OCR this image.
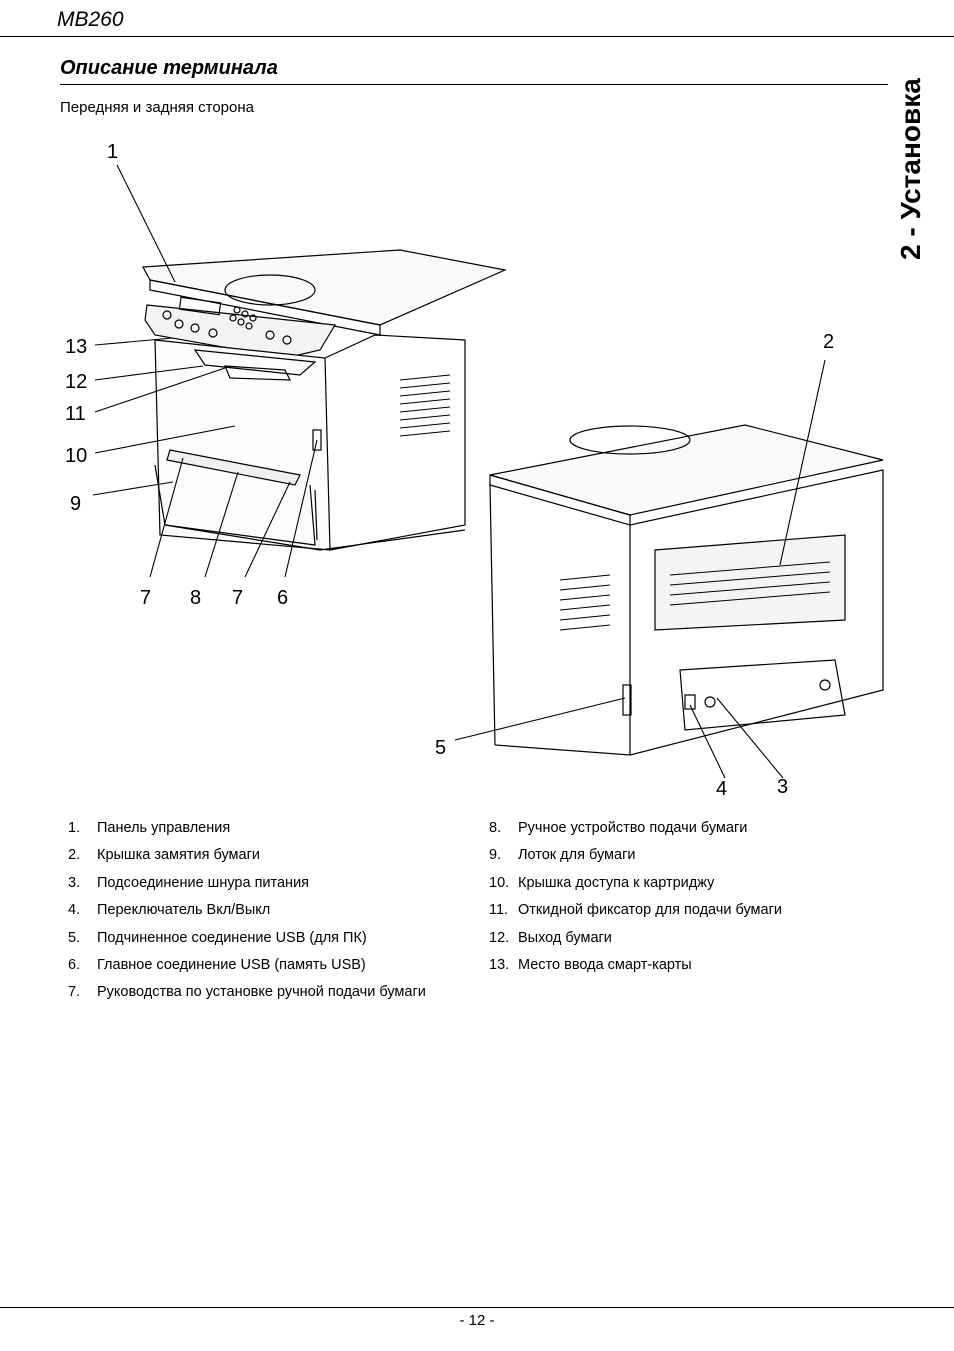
MB260
Описание терминала
2 - Установка
Передняя и задняя сторона
1
13
12
11
10
9
7 8 7 6
2
5
4 3
1.	Панель управления
2.	Крышка замятия бумаги
3.	Подсоединение шнура питания
4.	Переключатель Вкл/Выкл
5.	Подчиненное соединение USB (для ПК)
6.	Главное соединение USB (память USB)
7.	Руководства по установке ручной подачи бумаги
8.	Ручное устройство подачи бумаги
9.	Лоток для бумаги
10. Крышка доступа к картриджу
11. Откидной фиксатор для подачи бумаги
12. Выход бумаги
13. Место ввода смарт-карты
- 12 -
